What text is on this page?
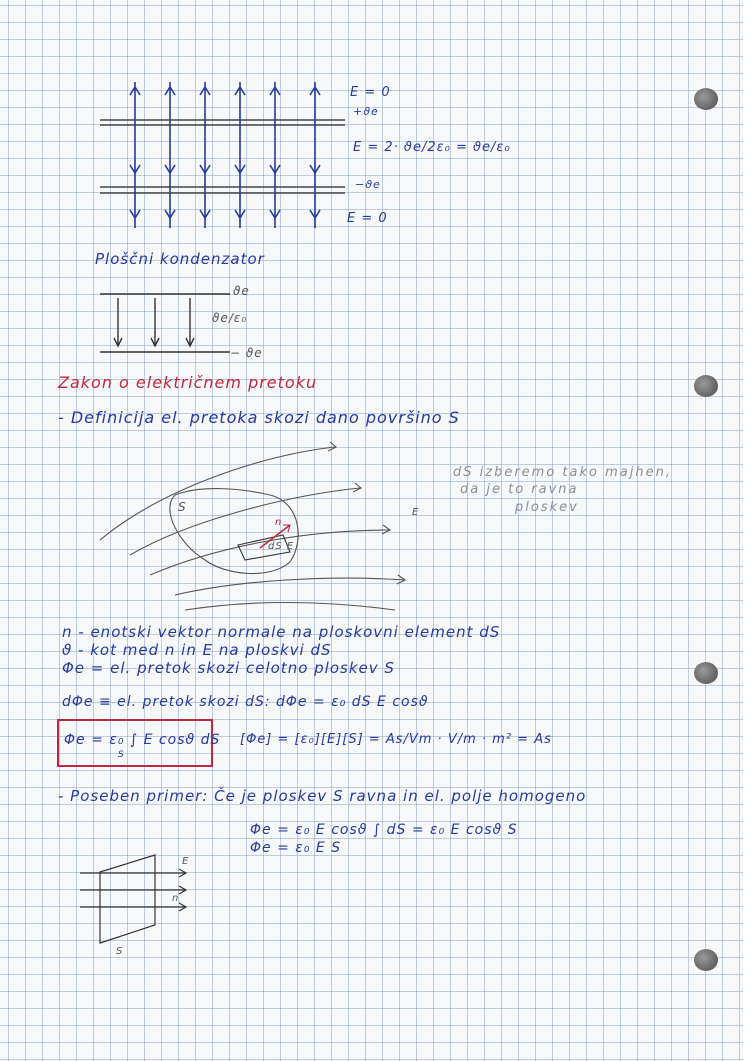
E = 0
+ϑe
E = 2· ϑe/2ε₀ = ϑe/ε₀
−ϑe
E = 0
Ploščni kondenzator
ϑe
ϑe/ε₀
− ϑe
Zakon o električnem pretoku
- Definicija el. pretoka skozi dano površino S
dS izberemo tako majhen,
da je to ravna
ploskev
S	E
n
dS E
n - enotski vektor normale na ploskovni element dS
ϑ - kot med n in E na ploskvi dS
Φe = el. pretok skozi celotno ploskev S
dΦe ≡ el. pretok skozi dS: dΦe = ε₀ dS E cosϑ
Φe = ε₀ ∫ E cosϑ dS
S
[Φe] = [ε₀][E][S] = As/Vm · V/m · m² = As
- Poseben primer: Če je ploskev S ravna in el. polje homogeno
Φe = ε₀ E cosϑ ∫ dS = ε₀ E cosϑ S
Φe = ε₀ E S
E
n
S
